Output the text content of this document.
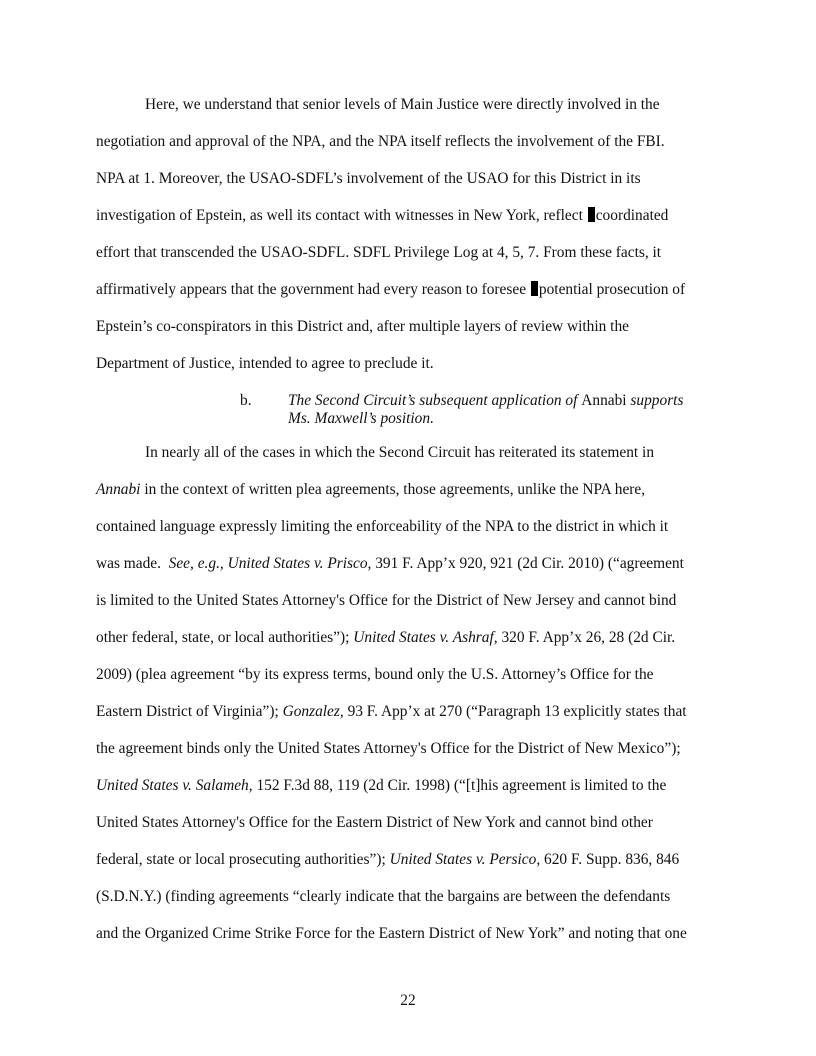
Here, we understand that senior levels of Main Justice were directly involved in the
negotiation and approval of the NPA, and the NPA itself reflects the involvement of the FBI.
NPA at 1. Moreover, the USAO-SDFL’s involvement of the USAO for this District in its
investigation of Epstein, as well its contact with witnesses in New York, reflect coordinated
effort that transcended the USAO-SDFL. SDFL Privilege Log at 4, 5, 7. From these facts, it
affirmatively appears that the government had every reason to foresee potential prosecution of
Epstein’s co-conspirators in this District and, after multiple layers of review within the
Department of Justice, intended to agree to preclude it.
b. The Second Circuit’s subsequent application of Annabi supports
Ms. Maxwell’s position.
In nearly all of the cases in which the Second Circuit has reiterated its statement in
Annabi in the context of written plea agreements, those agreements, unlike the NPA here,
contained language expressly limiting the enforceability of the NPA to the district in which it
was made.  See, e.g., United States v. Prisco, 391 F. App’x 920, 921 (2d Cir. 2010) (“agreement
is limited to the United States Attorney's Office for the District of New Jersey and cannot bind
other federal, state, or local authorities”); United States v. Ashraf, 320 F. App’x 26, 28 (2d Cir.
2009) (plea agreement “by its express terms, bound only the U.S. Attorney’s Office for the
Eastern District of Virginia”); Gonzalez, 93 F. App’x at 270 (“Paragraph 13 explicitly states that
the agreement binds only the United States Attorney's Office for the District of New Mexico”);
United States v. Salameh, 152 F.3d 88, 119 (2d Cir. 1998) (“[t]his agreement is limited to the
United States Attorney's Office for the Eastern District of New York and cannot bind other
federal, state or local prosecuting authorities”); United States v. Persico, 620 F. Supp. 836, 846
(S.D.N.Y.) (finding agreements “clearly indicate that the bargains are between the defendants
and the Organized Crime Strike Force for the Eastern District of New York” and noting that one
22
